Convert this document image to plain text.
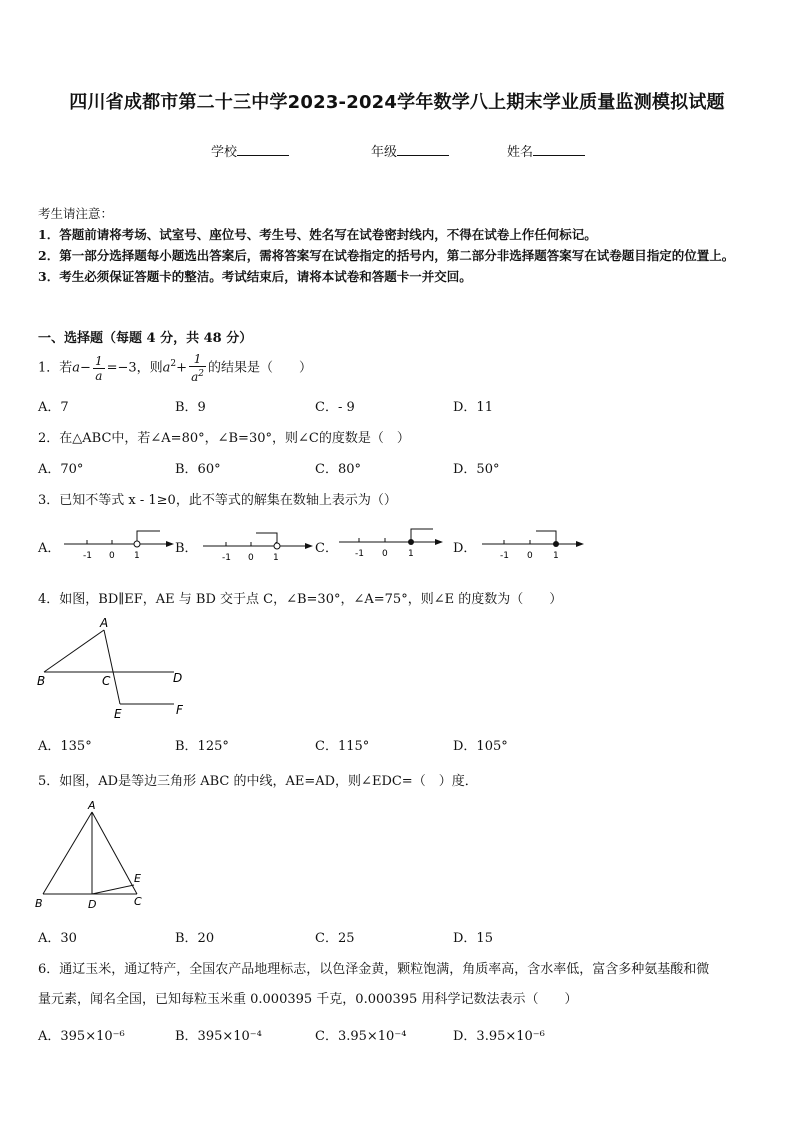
四川省成都市第二十三中学2023-2024学年数学八上期末学业质量监测模拟试题
学校	年级	姓名
考生请注意：
1．答题前请将考场、试室号、座位号、考生号、姓名写在试卷密封线内，不得在试卷上作任何标记。
2．第一部分选择题每小题选出答案后，需将答案写在试卷指定的括号内，第二部分非选择题答案写在试卷题目指定的位置上。
3．考生必须保证答题卡的整洁。考试结束后，请将本试卷和答题卡一并交回。
一、选择题（每题 4 分，共 48 分）
1．若$a- \frac{1}{a} =-3$，则$a^2+ \frac{1}{a^2}$ 的结果是（　　）
A．7	B．9	C．- 9	D．11
2．在△ABC中，若∠A=80°，∠B=30°，则∠C的度数是（　）
A．70°	B．60°	C．80°	D．50°
3．已知不等式 x - 1≥0，此不等式的解集在数轴上表示为（）
A．	B．	C．	D．
-1 0 1	-1 0 1	-1 0 1	-1 0 1
4．如图，BD∥EF，AE 与 BD 交于点 C，∠B=30°，∠A=75°，则∠E 的度数为（　　）
A
B	C	D
E	F
A．135°	B．125°	C．115°	D．105°
5．如图，AD是等边三角形 ABC 的中线，AE=AD，则∠EDC=（　）度．
A
B	D	C
E
A．30	B．20	C．25	D．15
6．通辽玉米，通辽特产，全国农产品地理标志，以色泽金黄，颗粒饱满，角质率高，含水率低，富含多种氨基酸和微
量元素，闻名全国，已知每粒玉米重 0.000395 千克，0.000395 用科学记数法表示（　　）
A．395×10⁻⁶	B．395×10⁻⁴	C．3.95×10⁻⁴	D．3.95×10⁻⁶
